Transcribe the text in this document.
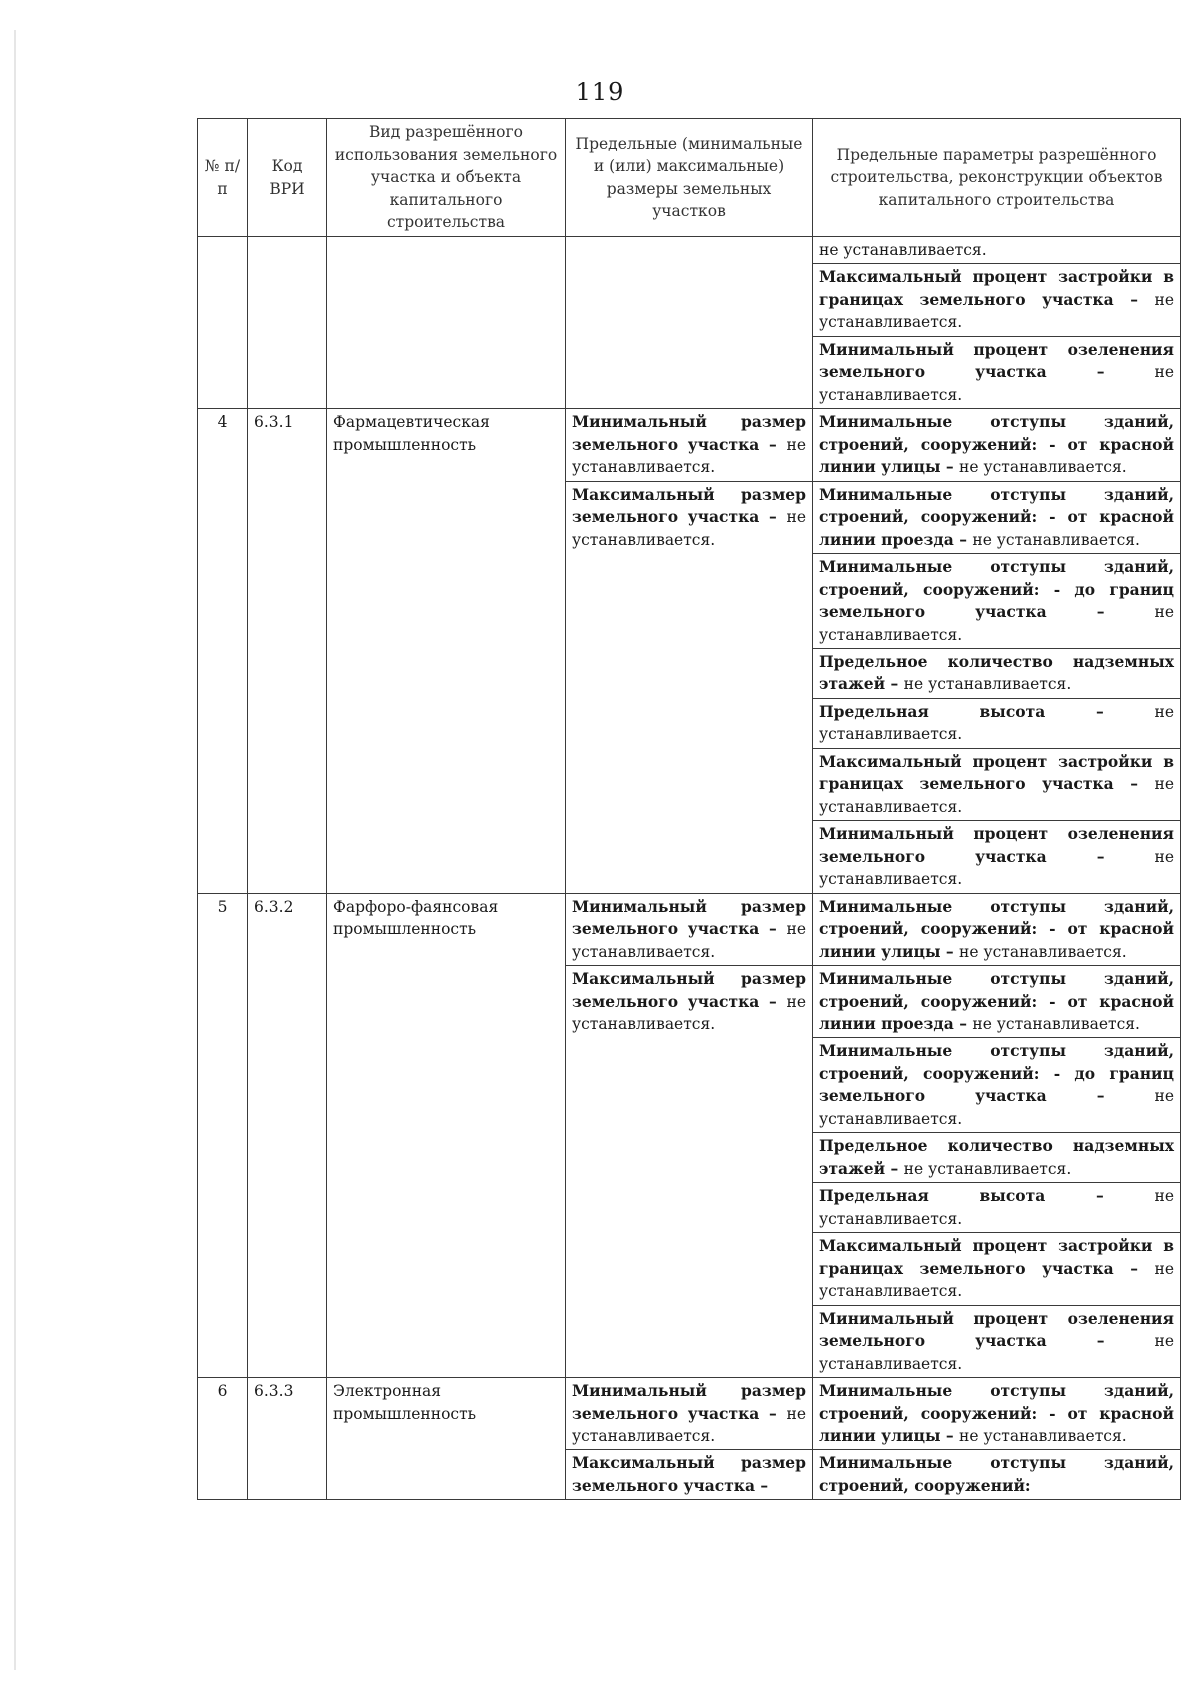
119
№ п/п	Код ВРИ	Вид разрешённого использования земельного участка и объекта капитального строительства	Предельные (минимальные и (или) максимальные) размеры земельных участков	Предельные параметры разрешённого строительства, реконструкции объектов капитального строительства
				не устанавливается.
				Максимальный процент застройки в границах земельного участка – не устанавливается.
				Минимальный процент озеленения земельного участка – не устанавливается.
4	6.3.1	Фармацевтическая промышленность	Минимальный размер земельного участка – не устанавливается.	Минимальные отступы зданий, строений, сооружений: - от красной линии улицы – не устанавливается.
			Максимальный размер земельного участка – не устанавливается.	Минимальные отступы зданий, строений, сооружений: - от красной линии проезда – не устанавливается.
				Минимальные отступы зданий, строений, сооружений: - до границ земельного участка – не устанавливается.
				Предельное количество надземных этажей – не устанавливается.
				Предельная высота – не устанавливается.
				Максимальный процент застройки в границах земельного участка – не устанавливается.
				Минимальный процент озеленения земельного участка – не устанавливается.
5	6.3.2	Фарфоро-фаянсовая промышленность	Минимальный размер земельного участка – не устанавливается.	Минимальные отступы зданий, строений, сооружений: - от красной линии улицы – не устанавливается.
			Максимальный размер земельного участка – не устанавливается.	Минимальные отступы зданий, строений, сооружений: - от красной линии проезда – не устанавливается.
				Минимальные отступы зданий, строений, сооружений: - до границ земельного участка – не устанавливается.
				Предельное количество надземных этажей – не устанавливается.
				Предельная высота – не устанавливается.
				Максимальный процент застройки в границах земельного участка – не устанавливается.
				Минимальный процент озеленения земельного участка – не устанавливается.
6	6.3.3	Электронная промышленность	Минимальный размер земельного участка – не устанавливается.	Минимальные отступы зданий, строений, сооружений: - от красной линии улицы – не устанавливается.
			Максимальный размер земельного участка –	Минимальные отступы зданий, строений, сооружений:
